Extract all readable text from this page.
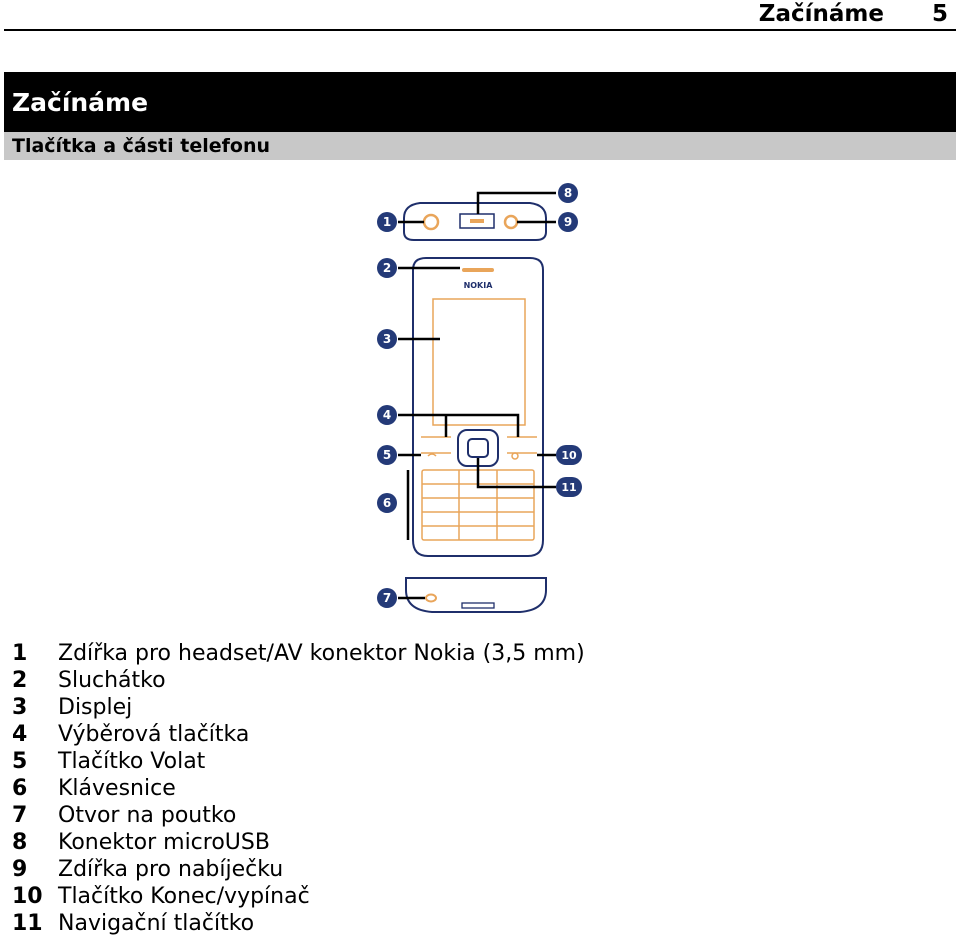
Začínáme 5
Začínáme
Tlačítka a části telefonu
NOKIA
1
2
3
4
5
6
7
8
9
10
11
1	Zdířka pro headset/AV konektor Nokia (3,5 mm)
2	Sluchátko
3	Displej
4	Výběrová tlačítka
5	Tlačítko Volat
6	Klávesnice
7	Otvor na poutko
8	Konektor microUSB
9	Zdířka pro nabíječku
10 Tlačítko Konec/vypínač
11 Navigační tlačítko
